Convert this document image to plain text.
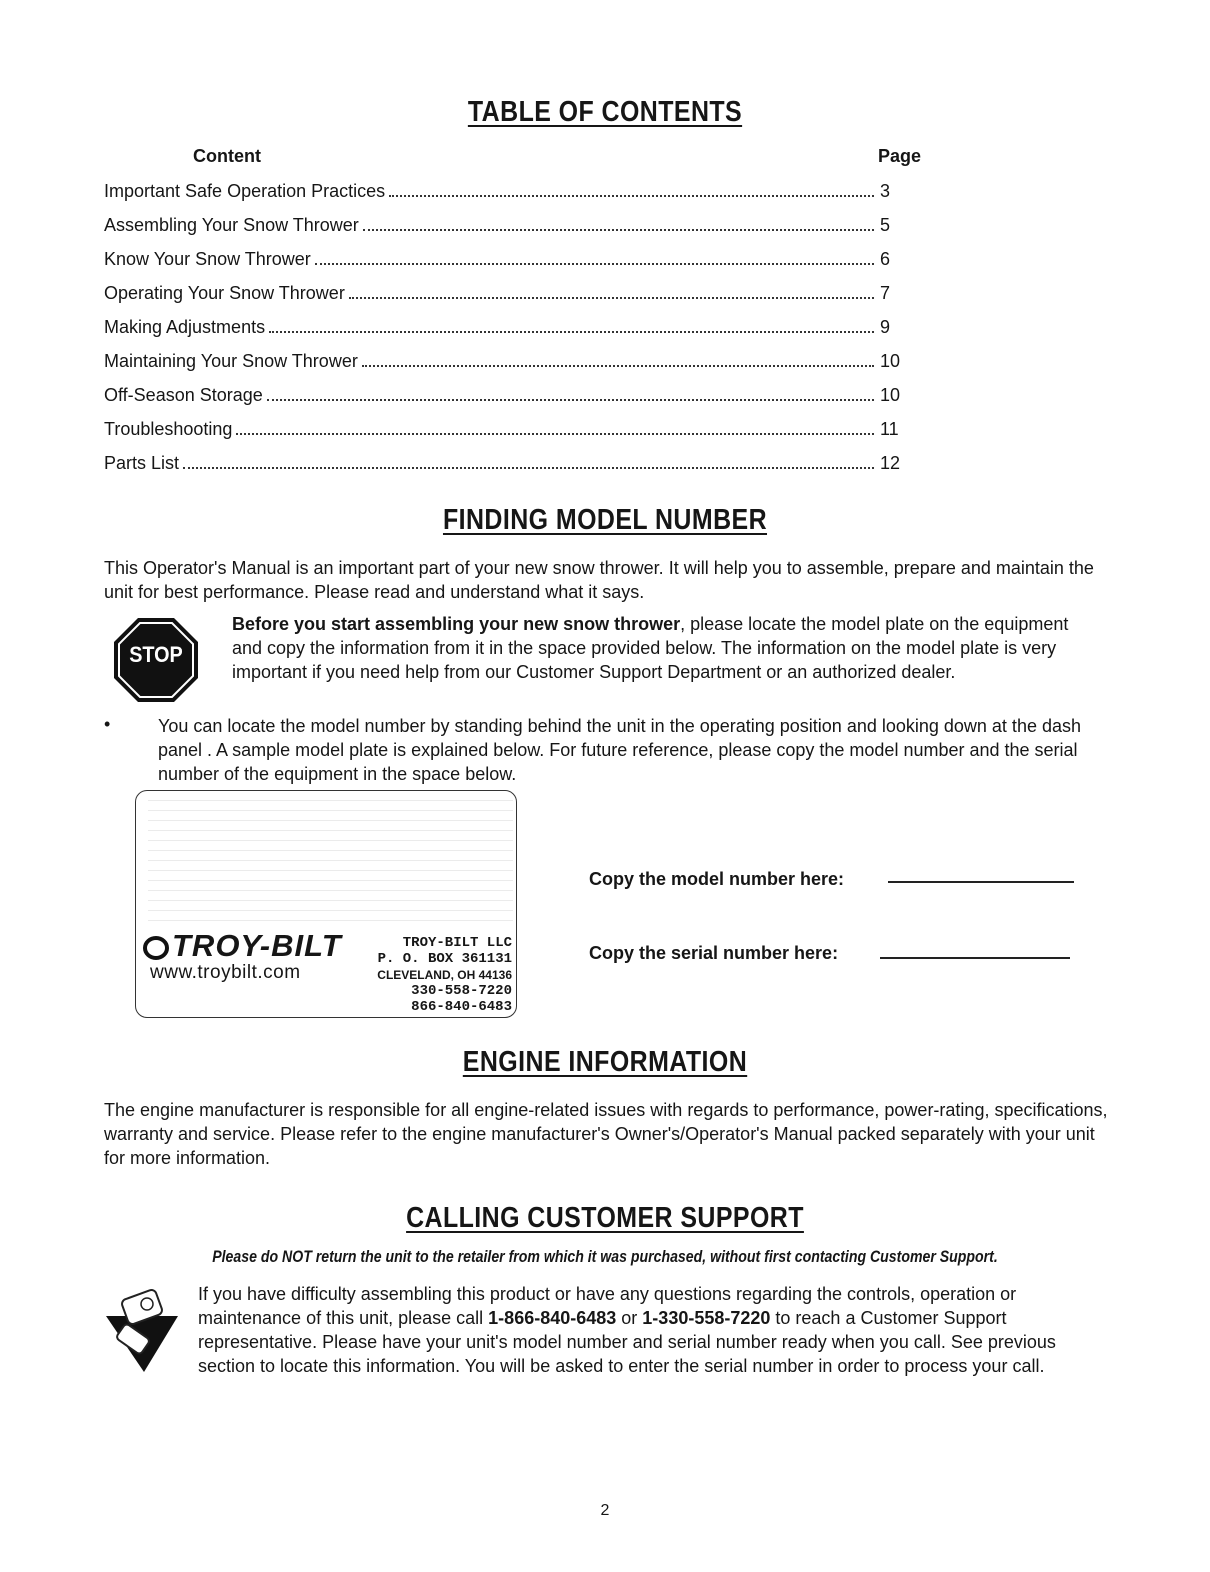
TABLE OF CONTENTS
Content	Page
Important Safe Operation Practices	3
Assembling Your Snow Thrower	5
Know Your Snow Thrower	6
Operating Your Snow Thrower	7
Making Adjustments	9
Maintaining Your Snow Thrower	10
Off-Season Storage	10
Troubleshooting	11
Parts List	12
FINDING MODEL NUMBER

This Operator's Manual is an important part of your new snow thrower. It will help you to assemble, prepare and maintain the unit for best performance. Please read and understand what it says.

STOP

Before you start assembling your new snow thrower, please locate the model plate on the equipment and copy the information from it in the space provided below. The information on the model plate is very important if you need help from our Customer Support Department or an authorized dealer.

•	You can locate the model number by standing behind the unit in the operating position and looking down at the dash panel . A sample model plate is explained below. For future reference, please copy the model number and the serial number of the equipment in the space below.

TROY-BILT
www.troybilt.com
TROY-BILT LLC
P. O. BOX 361131
CLEVELAND, OH 44136
330-558-7220
866-840-6483
Copy the model number here:
Copy the serial number here:
ENGINE INFORMATION

The engine manufacturer is responsible for all engine-related issues with regards to performance, power-rating, specifications, warranty and service. Please refer to the engine manufacturer's Owner's/Operator's Manual packed separately with your unit for more information.

CALLING CUSTOMER SUPPORT
Please do NOT return the unit to the retailer from which it was purchased, without first contacting Customer Support.

If you have difficulty assembling this product or have any questions regarding the controls, operation or maintenance of this unit, please call 1-866-840-6483 or 1-330-558-7220 to reach a Customer Support representative. Please have your unit's model number and serial number ready when you call. See previous section to locate this information. You will be asked to enter the serial number in order to process your call.

2
